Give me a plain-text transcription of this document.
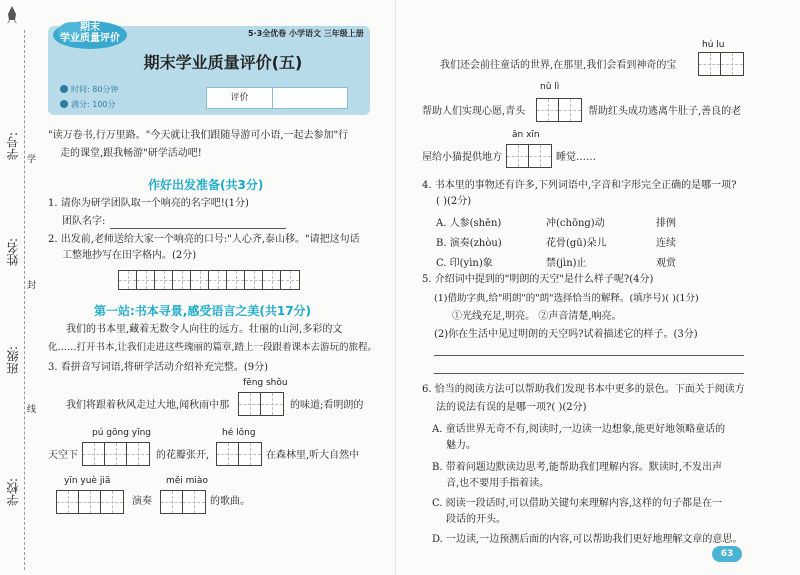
学号:
姓名:
班级:
学校:
学
封
线
期末
学业质量评价	5·3全优卷 小学语文 三年级上册
期末学业质量评价(五)
时间: 80分钟
满分: 100分
评价
"读万卷书,行万里路。"今天就让我们跟随导游可小语,一起去参加"行
走的课堂,跟我畅游"研学活动吧!
作好出发准备(共3分)
1. 请你为研学团队取一个响亮的名字吧!(1分)
团队名字:
2. 出发前,老师送给大家一个响亮的口号:"人心齐,泰山移。"请把这句话
工整地抄写在田字格内。(2分)
第一站:书本寻景,感受语言之美(共17分)
我们的书本里,藏着无数令人向往的远方。壮丽的山河,多彩的文
化……打开书本,让我们走进这些瑰丽的篇章,踏上一段跟着课本去游玩的旅程。
3. 看拼音写词语,将研学活动介绍补充完整。(9分)
fēng shōu
我们将跟着秋风走过大地,闻秋雨中那	的味道;看明朗的
pú gōng yīng	hé lǒng
天空下	的花瓣张开,	在森林里,听大自然中
yīn yuè jiā	měi miào
演奏	的歌曲。
hú lu
我们还会前往童话的世界,在那里,我们会看到神奇的宝
nǔ lì
帮助人们实现心愿,青头	帮助红头成功逃离牛肚子,善良的老
ān xīn
屋给小猫提供地方	睡觉……
4. 书本里的事物还有许多,下列词语中,字音和字形完全正确的是哪一项?
( )(2分)
A. 人参(shēn)	冲(chōng)动	排例
B. 演奏(zhòu)	花骨(gū)朵儿	连续
C. 印(yìn)象	禁(jìn)止	观赏
5. 介绍词中提到的"明朗的天空"是什么样子呢?(4分)
(1)借助字典,给"明朗"的"朗"选择恰当的解释。(填序号)( )(1分)
①光线充足,明亮。 ②声音清楚,响亮。
(2)你在生活中见过明朗的天空吗?试着描述它的样子。(3分)
6. 恰当的阅读方法可以帮助我们发现书本中更多的景色。下面关于阅读方
法的说法有误的是哪一项?( )(2分)
A. 童话世界无奇不有,阅读时,一边读一边想象,能更好地领略童话的
魅力。
B. 带着问题边默读边思考,能帮助我们理解内容。默读时,不发出声
音,也不要用手指着读。
C. 阅读一段话时,可以借助关键句来理解内容,这样的句子都是在一
段话的开头。
D. 一边读,一边预测后面的内容,可以帮助我们更好地理解文章的意思。
63
